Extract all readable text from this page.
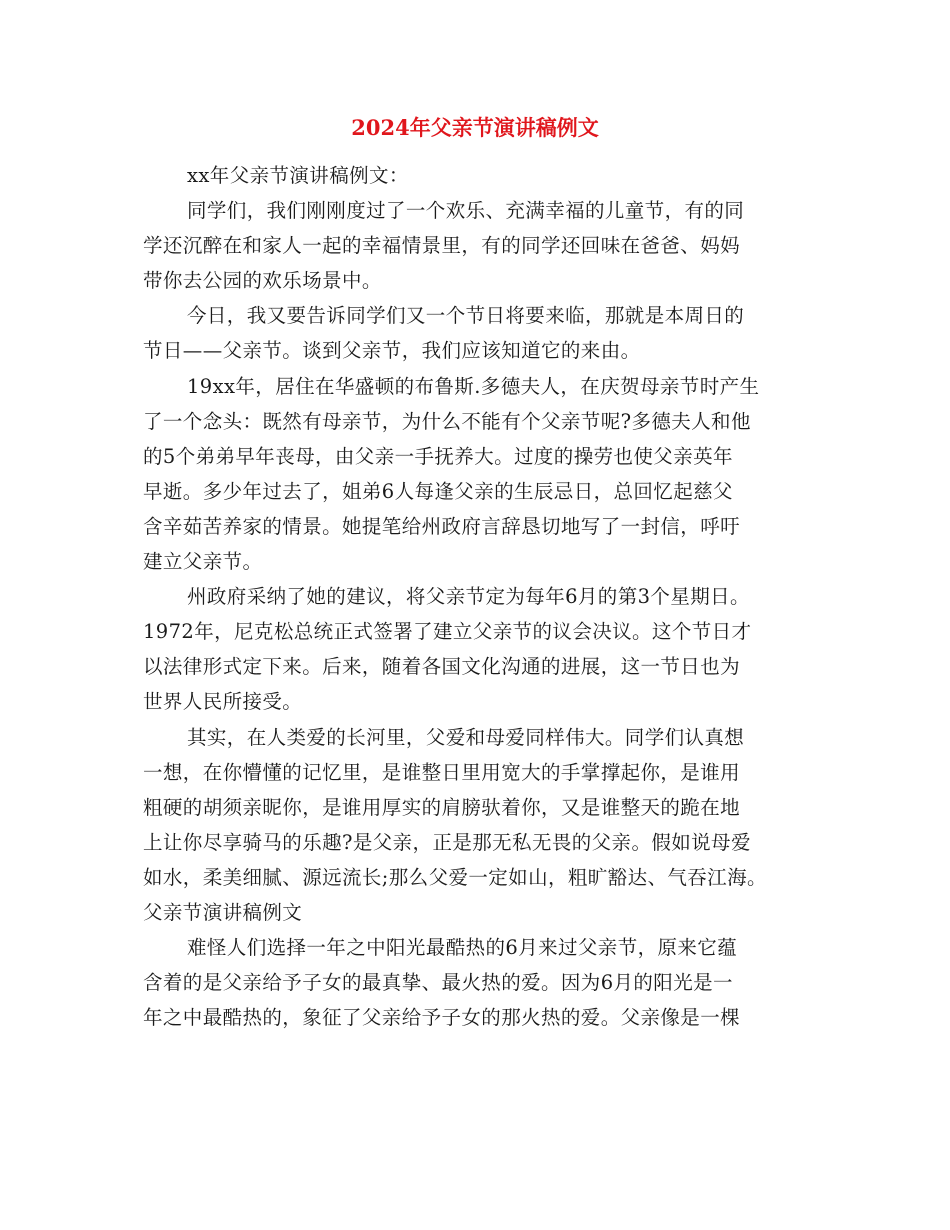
2024年父亲节演讲稿例文
xx年父亲节演讲稿例文：
同学们，我们刚刚度过了一个欢乐、充满幸福的儿童节，有的同
学还沉醉在和家人一起的幸福情景里，有的同学还回味在爸爸、妈妈
带你去公园的欢乐场景中。
今日，我又要告诉同学们又一个节日将要来临，那就是本周日的
节日——父亲节。谈到父亲节，我们应该知道它的来由。
19xx年，居住在华盛顿的布鲁斯.多德夫人，在庆贺母亲节时产生
了一个念头：既然有母亲节，为什么不能有个父亲节呢?多德夫人和他
的5个弟弟早年丧母，由父亲一手抚养大。过度的操劳也使父亲英年
早逝。多少年过去了，姐弟6人每逢父亲的生辰忌日，总回忆起慈父
含辛茹苦养家的情景。她提笔给州政府言辞恳切地写了一封信，呼吁
建立父亲节。
州政府采纳了她的建议，将父亲节定为每年6月的第3个星期日。
1972年，尼克松总统正式签署了建立父亲节的议会决议。这个节日才
以法律形式定下来。后来，随着各国文化沟通的进展，这一节日也为
世界人民所接受。
其实，在人类爱的长河里，父爱和母爱同样伟大。同学们认真想
一想，在你懵懂的记忆里，是谁整日里用宽大的手掌撑起你，是谁用
粗硬的胡须亲昵你，是谁用厚实的肩膀驮着你，又是谁整天的跪在地
上让你尽享骑马的乐趣?是父亲，正是那无私无畏的父亲。假如说母爱
如水，柔美细腻、源远流长;那么父爱一定如山，粗旷豁达、气吞江海。
父亲节演讲稿例文
难怪人们选择一年之中阳光最酷热的6月来过父亲节，原来它蕴
含着的是父亲给予子女的最真挚、最火热的爱。因为6月的阳光是一
年之中最酷热的，象征了父亲给予子女的那火热的爱。父亲像是一棵
